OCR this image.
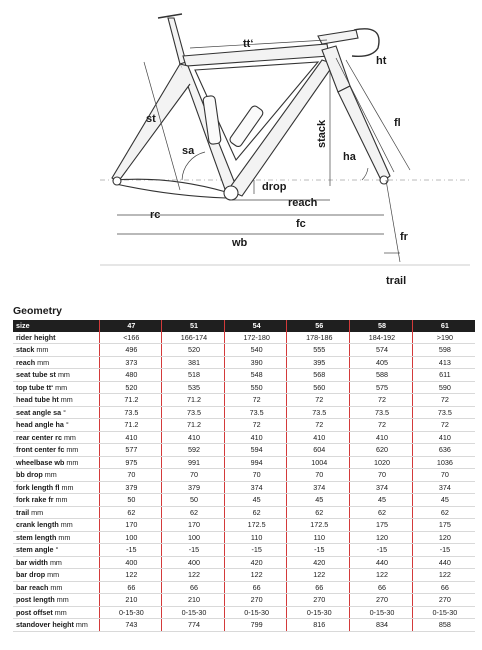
tt‘
ht
st	fl
sa
stack
ha
drop
reach
rc
fc
fr
wb
trail
Geometry
size	47	51	54	56	58	61
rider height	<166	166-174	172-180	178-186	184-192	>190
stack mm	496	520	540	555	574	598
reach mm	373	381	390	395	405	413
seat tube st mm	480	518	548	568	588	611
top tube tt‘ mm	520	535	550	560	575	590
head tube ht mm	71.2	71.2	72	72	72	72
seat angle sa °	73.5	73.5	73.5	73.5	73.5	73.5
head angle ha °	71.2	71.2	72	72	72	72
rear center rc mm	410	410	410	410	410	410
front center fc mm	577	592	594	604	620	636
wheelbase wb mm	975	991	994	1004	1020	1036
bb drop mm	70	70	70	70	70	70
fork length fl mm	379	379	374	374	374	374
fork rake fr mm	50	50	45	45	45	45
trail mm	62	62	62	62	62	62
crank length mm	170	170	172.5	172.5	175	175
stem length mm	100	100	110	110	120	120
stem angle °	-15	-15	-15	-15	-15	-15
bar width mm	400	400	420	420	440	440
bar drop mm	122	122	122	122	122	122
bar reach mm	66	66	66	66	66	66
post length mm	210	210	270	270	270	270
post offset mm	0-15-30	0-15-30	0-15-30	0-15-30	0-15-30	0-15-30
standover height mm	743	774	799	816	834	858
